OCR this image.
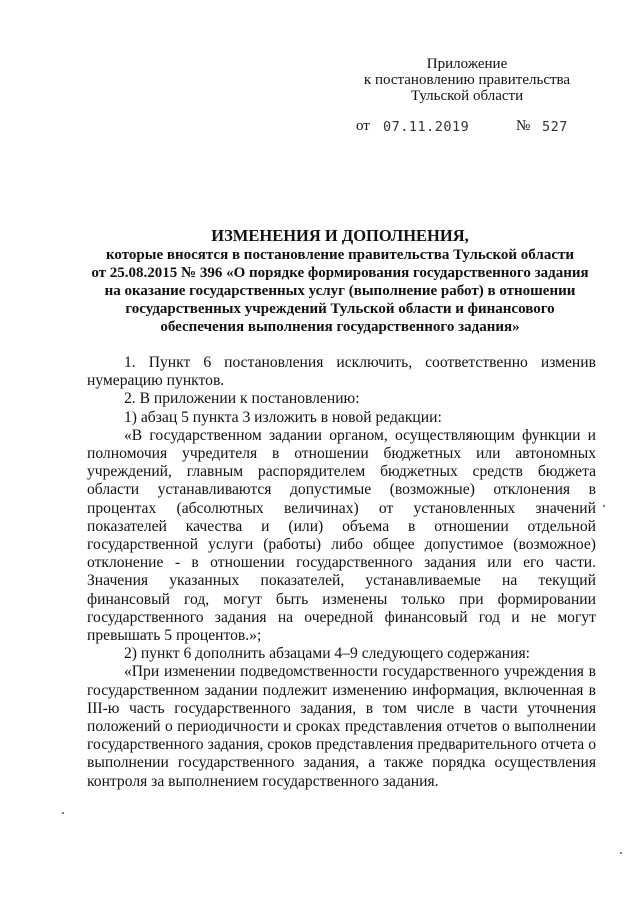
Приложение
к постановлению правительства
Тульской области
от 07.11.2019	№ 527
ИЗМЕНЕНИЯ И ДОПОЛНЕНИЯ,
которые вносятся в постановление правительства Тульской области
от 25.08.2015 № 396 «О порядке формирования государственного задания
на оказание государственных услуг (выполнение работ) в отношении
государственных учреждений Тульской области и финансового
обеспечения выполнения государственного задания»

1. Пункт 6 постановления исключить, соответственно изменив нумерацию пунктов.

2. В приложении к постановлению:

1) абзац 5 пункта 3 изложить в новой редакции:

«В государственном задании органом, осуществляющим функции и полномочия учредителя в отношении бюджетных или автономных учреждений, главным распорядителем бюджетных средств бюджета области устанавливаются допустимые (возможные) отклонения в процентах (абсолютных величинах) от установленных значений показателей качества и (или) объема в отношении отдельной государственной услуги (работы) либо общее допустимое (возможное) отклонение - в отношении государственного задания или его части. Значения указанных показателей, устанавливаемые на текущий финансовый год, могут быть изменены только при формировании государственного задания на очередной финансовый год и не могут превышать 5 процентов.»;

2) пункт 6 дополнить абзацами 4–9 следующего содержания:

«При изменении подведомственности государственного учреждения в государственном задании подлежит изменению информация, включенная в III-ю часть государственного задания, в том числе в части уточнения положений о периодичности и сроках представления отчетов о выполнении государственного задания, сроков представления предварительного отчета о выполнении государственного задания, а также порядка осуществления контроля за выполнением государственного задания.
